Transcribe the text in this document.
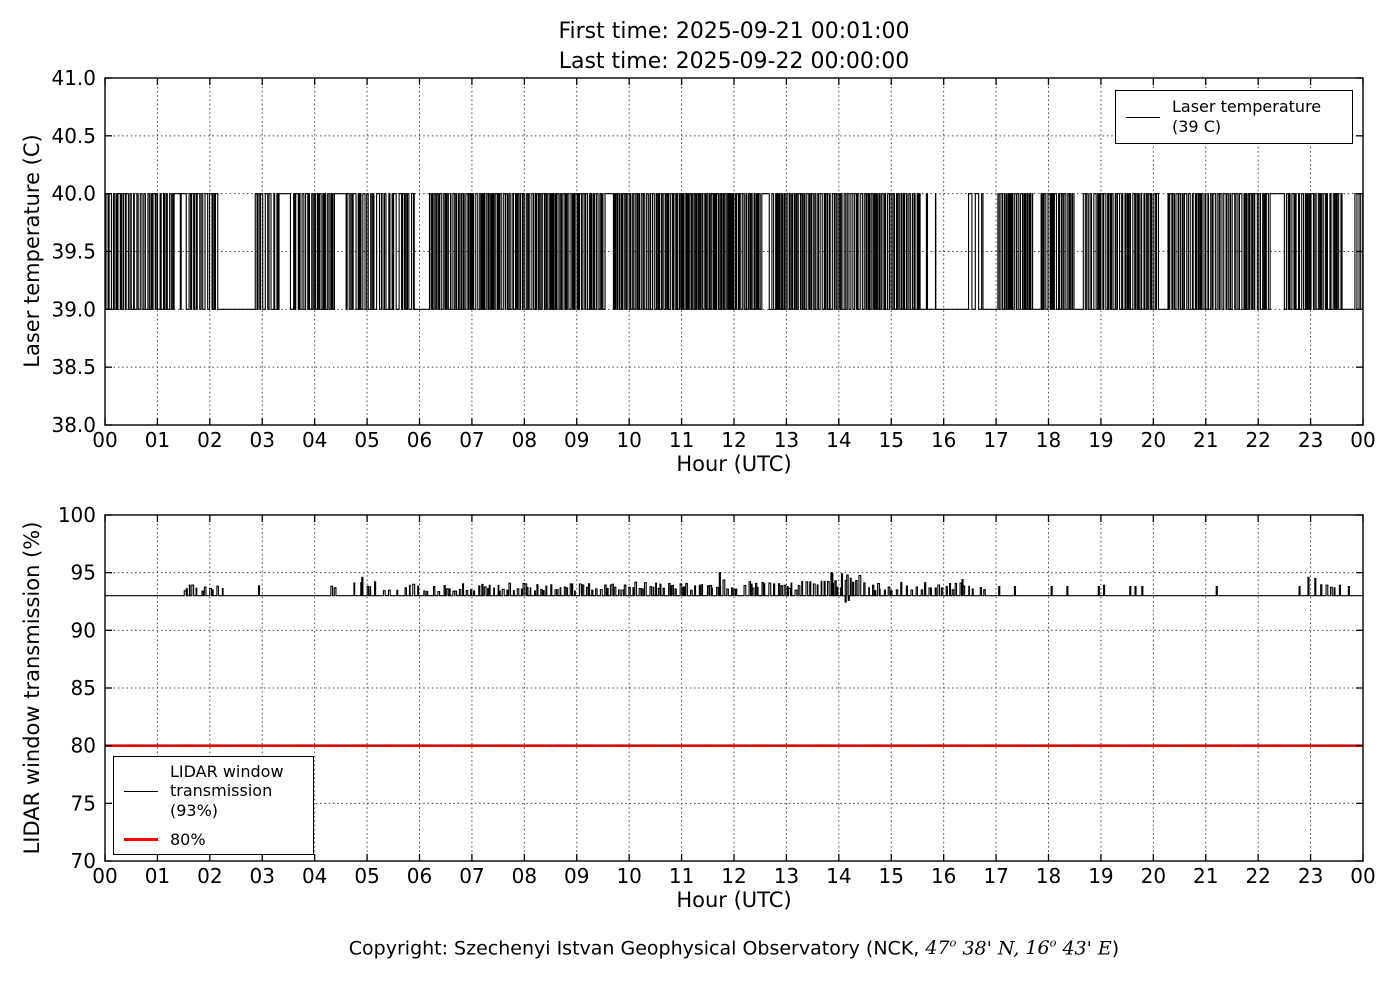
00 01 02 03 04 05 06 07 08 09 10 11 12 13 14 15 16 17 18 19 20 21 22 23 00
38.0
38.5
39.0
39.5
40.0
40.5
41.0
00 01 02 03 04 05 06 07 08 09 10 11 12 13 14 15 16 17 18 19 20 21 22 23 00
70
75
80
85
90
95
100
First time: 2025-09-21 00:01:00
Last time: 2025-09-22 00:00:00
Laser temperature (C)
Hour (UTC)
LIDAR window transmission (%)
Hour (UTC)
Laser temperature
(39 C)
LIDAR window
transmission
(93%)
80%
Copyright: Szechenyi Istvan Geophysical Observatory (NCK, 47$^o$ 38' N, 16$^o$ 43' E)
